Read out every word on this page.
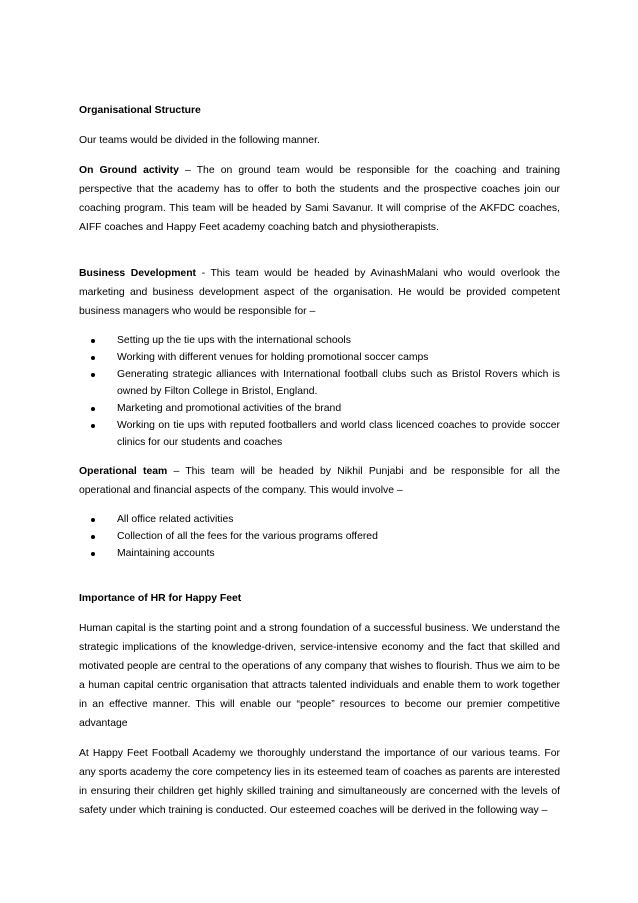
Organisational Structure

Our teams would be divided in the following manner.

On Ground activity – The on ground team would be responsible for the coaching and training perspective that the academy has to offer to both the students and the prospective coaches join our coaching program. This team will be headed by Sami Savanur. It will comprise of the AKFDC coaches, AIFF coaches and Happy Feet academy coaching batch and physiotherapists.

Business Development - This team would be headed by AvinashMalani who would overlook the marketing and business development aspect of the organisation. He would be provided competent business managers who would be responsible for –

Setting up the tie ups with the international schools
Working with different venues for holding promotional soccer camps
Generating strategic alliances with International football clubs such as Bristol Rovers which is owned by Filton College in Bristol, England.
Marketing and promotional activities of the brand
Working on tie ups with reputed footballers and world class licenced coaches to provide soccer clinics for our students and coaches

Operational team – This team will be headed by Nikhil Punjabi and be responsible for all the operational and financial aspects of the company. This would involve –

All office related activities
Collection of all the fees for the various programs offered
Maintaining accounts

Importance of HR for Happy Feet

Human capital is the starting point and a strong foundation of a successful business. We understand the strategic implications of the knowledge-driven, service-intensive economy and the fact that skilled and motivated people are central to the operations of any company that wishes to flourish. Thus we aim to be a human capital centric organisation that attracts talented individuals and enable them to work together in an effective manner. This will enable our “people” resources to become our premier competitive advantage

At Happy Feet Football Academy we thoroughly understand the importance of our various teams. For any sports academy the core competency lies in its esteemed team of coaches as parents are interested in ensuring their children get highly skilled training and simultaneously are concerned with the levels of safety under which training is conducted. Our esteemed coaches will be derived in the following way –
